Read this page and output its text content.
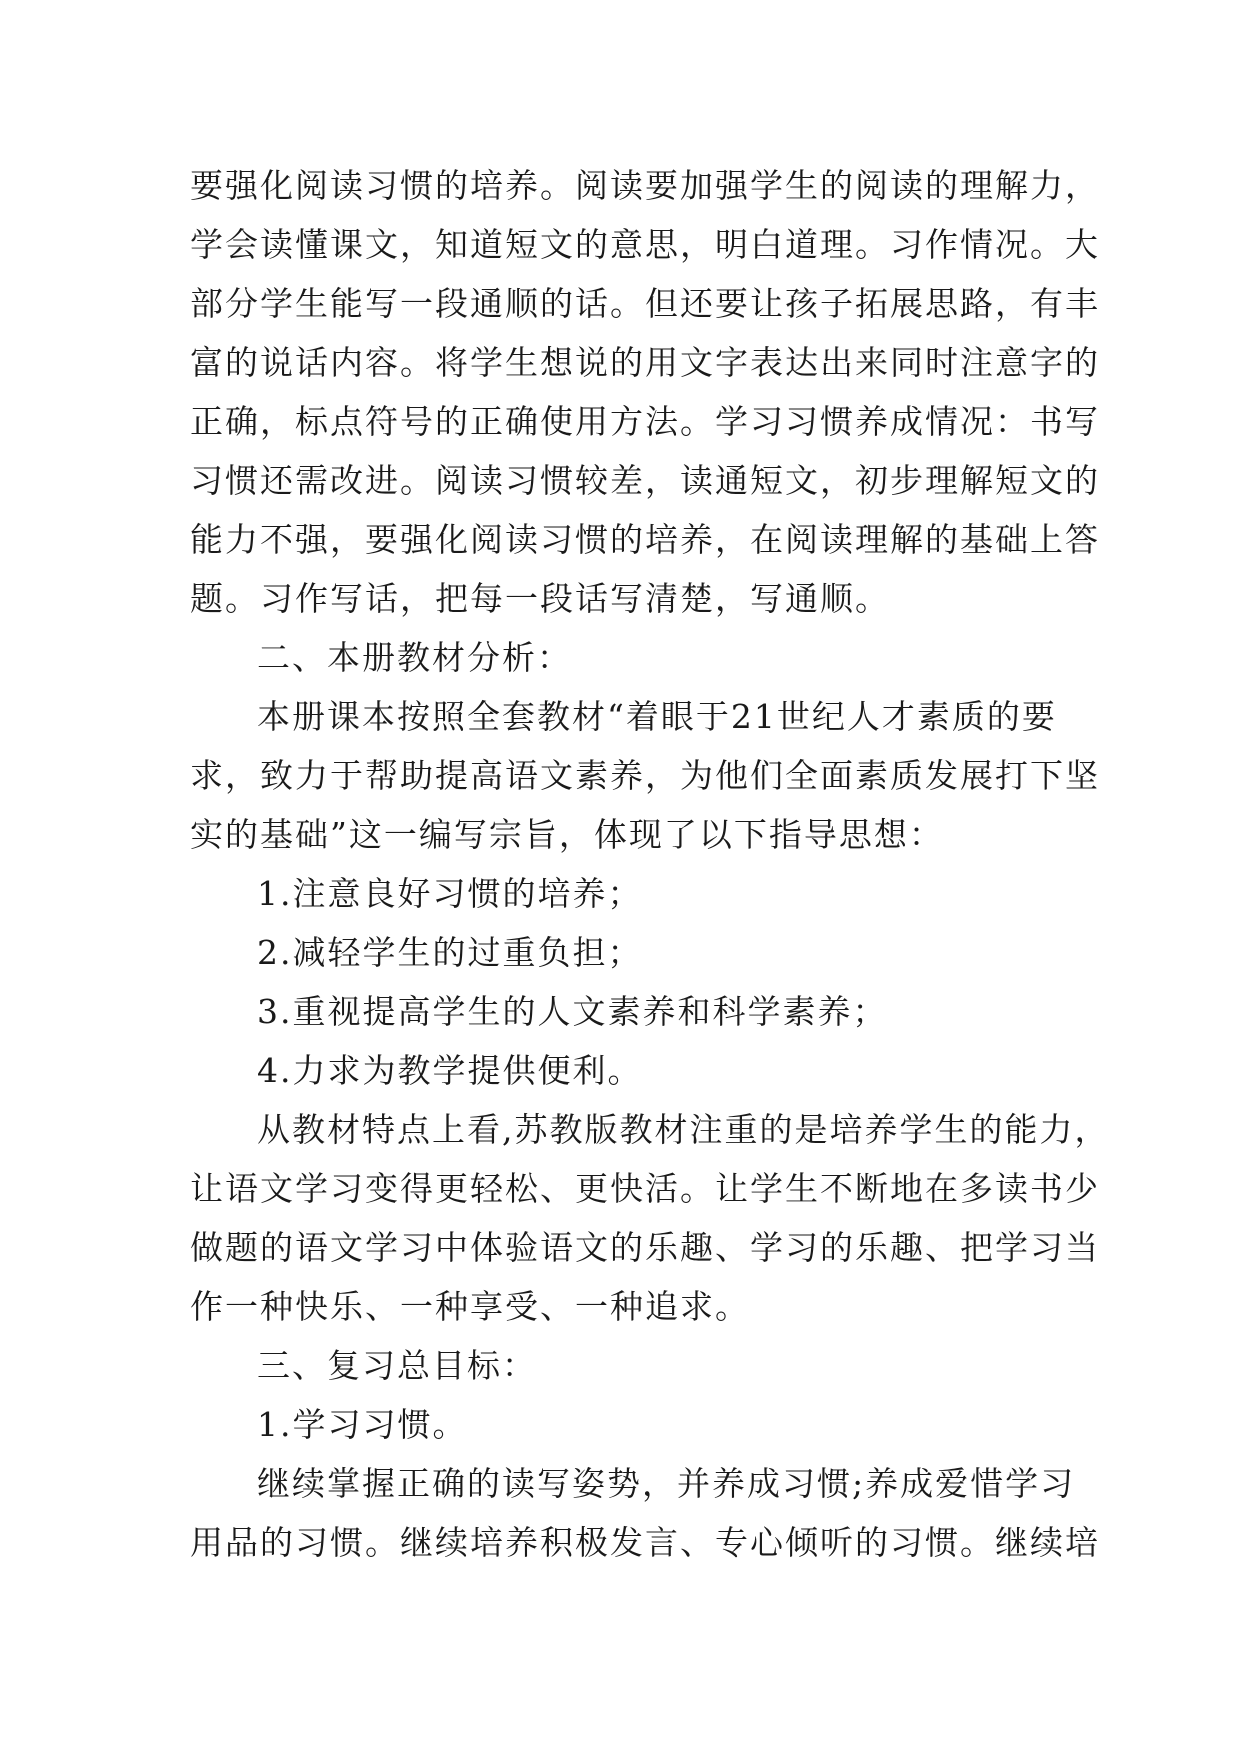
要强化阅读习惯的培养。阅读要加强学生的阅读的理解力，
学会读懂课文，知道短文的意思，明白道理。习作情况。大
部分学生能写一段通顺的话。但还要让孩子拓展思路，有丰
富的说话内容。将学生想说的用文字表达出来同时注意字的
正确，标点符号的正确使用方法。学习习惯养成情况：书写
习惯还需改进。阅读习惯较差，读通短文，初步理解短文的
能力不强，要强化阅读习惯的培养，在阅读理解的基础上答
题。习作写话，把每一段话写清楚，写通顺。
二、本册教材分析：
本册课本按照全套教材“着眼于21世纪人才素质的要
求，致力于帮助提高语文素养，为他们全面素质发展打下坚
实的基础”这一编写宗旨，体现了以下指导思想：
1.注意良好习惯的培养；
2.减轻学生的过重负担；
3.重视提高学生的人文素养和科学素养；
4.力求为教学提供便利。
从教材特点上看,苏教版教材注重的是培养学生的能力，
让语文学习变得更轻松、更快活。让学生不断地在多读书少
做题的语文学习中体验语文的乐趣、学习的乐趣、把学习当
作一种快乐、一种享受、一种追求。
三、复习总目标：
1.学习习惯。
继续掌握正确的读写姿势，并养成习惯;养成爱惜学习
用品的习惯。继续培养积极发言、专心倾听的习惯。继续培
